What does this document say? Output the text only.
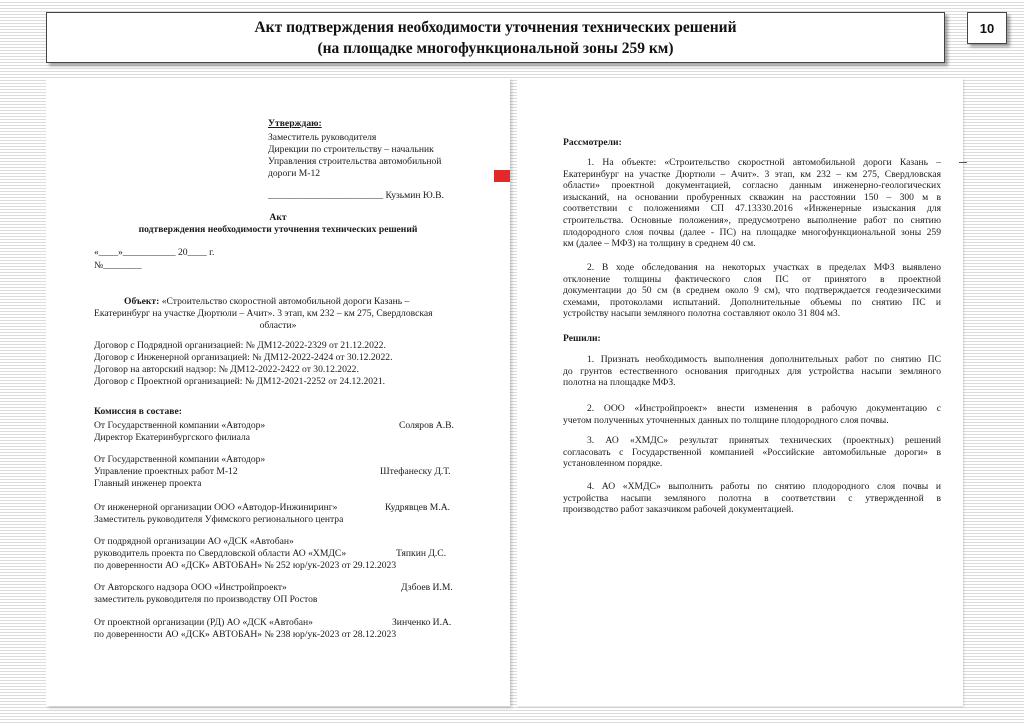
Акт подтверждения необходимости уточнения технических решений
(на площадке многофункциональной зоны 259 км)
10
Утверждаю:
Заместитель руководителя
Дирекции по строительству – начальник
Управления строительства автомобильной
дороги М-12
________________________ Кузьмин Ю.В.
Акт
подтверждения необходимости уточнения технических решений
«____»___________ 20____ г.
№________
Объект: «Строительство скоростной автомобильной дороги Казань –
Екатеринбург на участке Дюртюли – Ачит». 3 этап, км 232 – км 275, Свердловская
области»
Договор с Подрядной организацией: № ДМ12-2022-2329 от 21.12.2022.
Договор с Инженерной организацией: № ДМ12-2022-2424 от 30.12.2022.
Договор на авторский надзор: № ДМ12-2022-2422 от 30.12.2022.
Договор с Проектной организацией: № ДМ12-2021-2252 от 24.12.2021.
Комиссия в составе:
От Государственной компании «Автодор»
Директор Екатеринбургского филиала
Соляров А.В.
От Государственной компании «Автодор»
Управление проектных работ М-12
Главный инженер проекта
Штефанеску Д.Т.
От инженерной организации ООО «Автодор-Инжиниринг»
Заместитель руководителя Уфимского регионального центра
Кудрявцев М.А.
От подрядной организации АО «ДСК «Автобан»
руководитель проекта по Свердловской области АО «ХМДС»
по доверенности АО «ДСК» АВТОБАН» № 252 юр/ук-2023 от 29.12.2023
Тяпкин Д.С.
От Авторского надзора ООО «Инстройпроект»
заместитель руководителя по производству ОП Ростов
Дзбоев И.М.
От проектной организации (РД) АО «ДСК «Автобан»
по доверенности АО «ДСК» АВТОБАН» № 238 юр/ук-2023 от 28.12.2023
Зинченко И.А.
Рассмотрели:
1. На объекте: «Строительство скоростной автомобильной дороги Казань –
Екатеринбург на участке Дюртюли – Ачит». 3 этап, км 232 – км 275, Свердловская
области» проектной документацией, согласно данным инженерно-геологических
изысканий, на основании пробуренных скважин на расстоянии 150 – 300 м в
соответствии с положениями СП 47.13330.2016 «Инженерные изыскания для
строительства. Основные положения», предусмотрено выполнение работ по снятию
плодородного слоя почвы (далее - ПС) на площадке многофункциональной зоны 259
км (далее – МФЗ) на толщину в среднем 40 см.
2. В ходе обследования на некоторых участках в пределах МФЗ выявлено
отклонение толщины фактического слоя ПС от принятого в проектной
документации до 50 см (в среднем около 9 см), что подтверждается геодезическими
схемами, протоколами испытаний. Дополнительные объемы по снятию ПС и
устройству насыпи земляного полотна составляют около 31 804 м3.
Решили:
1. Признать необходимость выполнения дополнительных работ по снятию ПС
до грунтов естественного основания пригодных для устройства насыпи земляного
полотна на площадке МФЗ.
2. ООО «Инстройпроект» внести изменения в рабочую документацию с
учетом полученных уточненных данных по толщине плодородного слоя почвы.
3. АО «ХМДС» результат принятых технических (проектных) решений
согласовать с Государственной компанией «Российские автомобильные дороги» в
установленном порядке.
4. АО «ХМДС» выполнить работы по снятию плодородного слоя почвы и
устройства насыпи земляного полотна в соответствии с утвержденной в
производство работ заказчиком рабочей документацией.
